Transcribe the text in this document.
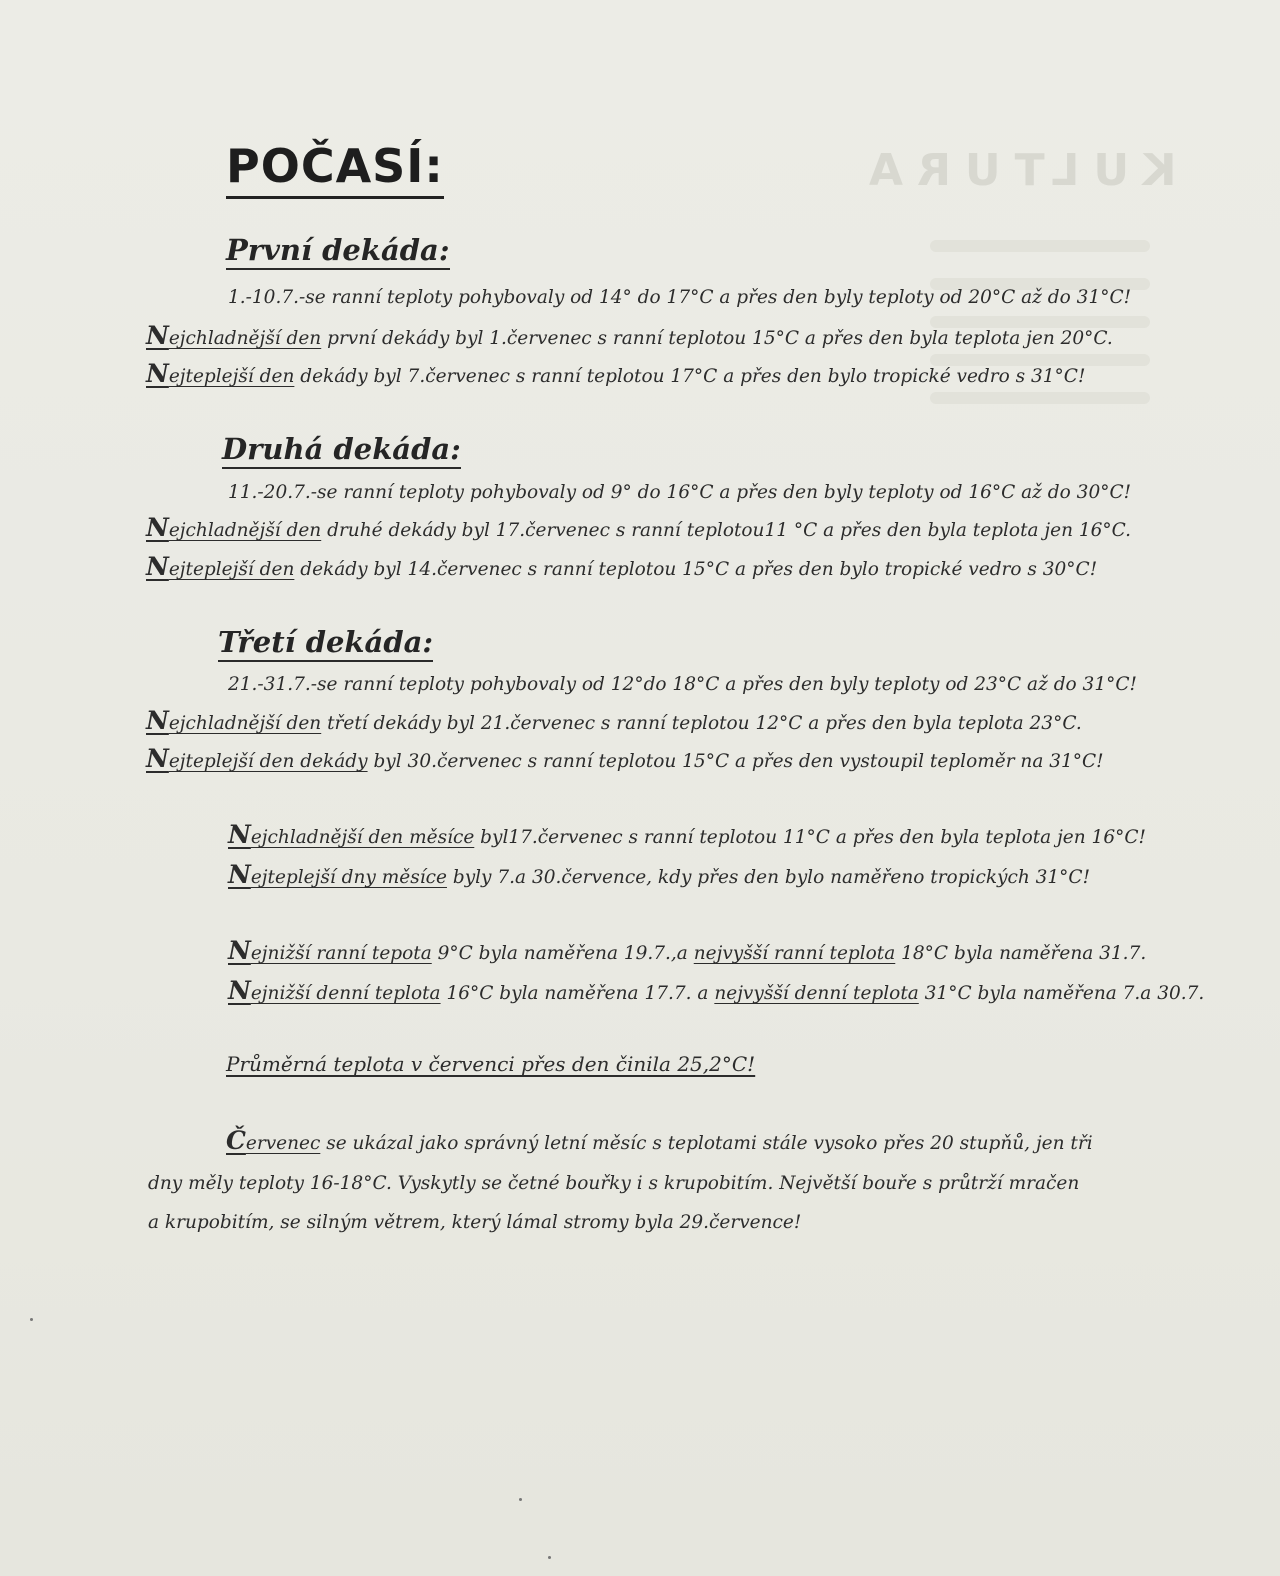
KULTURA
POČASÍ:
První dekáda:
1.-10.7.-se ranní teploty pohybovaly od 14° do 17°C a přes den byly teploty od 20°C až do 31°C!
Nejchladnější den první dekády byl 1.červenec s ranní teplotou 15°C a přes den byla teplota jen 20°C.
Nejteplejší den dekády byl 7.červenec s ranní teplotou 17°C a přes den bylo tropické vedro s 31°C!
Druhá dekáda:
11.-20.7.-se ranní teploty pohybovaly od 9° do 16°C a přes den byly teploty od 16°C až do 30°C!
Nejchladnější den druhé dekády byl 17.červenec s ranní teplotou11 °C a přes den byla teplota jen 16°C.
Nejteplejší den dekády byl 14.červenec s ranní teplotou 15°C a přes den bylo tropické vedro s 30°C!
Třetí dekáda:
21.-31.7.-se ranní teploty pohybovaly od 12°do 18°C a přes den byly teploty od 23°C až do 31°C!
Nejchladnější den třetí dekády byl 21.červenec s ranní teplotou 12°C a přes den byla teplota 23°C.
Nejteplejší den dekády byl 30.červenec s ranní teplotou 15°C a přes den vystoupil teploměr na 31°C!
Nejchladnější den měsíce byl17.červenec s ranní teplotou 11°C a přes den byla teplota jen 16°C!
Nejteplejší dny měsíce byly 7.a 30.července, kdy přes den bylo naměřeno tropických 31°C!
Nejnižší ranní tepota 9°C byla naměřena 19.7.,a nejvyšší ranní teplota 18°C byla naměřena 31.7.
Nejnižší denní teplota 16°C byla naměřena 17.7. a nejvyšší denní teplota 31°C byla naměřena 7.a 30.7.
Průměrná teplota v červenci přes den činila 25,2°C!
Červenec se ukázal jako správný letní měsíc s teplotami stále vysoko přes 20 stupňů, jen tři
dny měly teploty 16-18°C. Vyskytly se četné bouřky i s krupobitím. Největší bouře s průtrží mračen
a krupobitím, se silným větrem, který lámal stromy byla 29.července!
